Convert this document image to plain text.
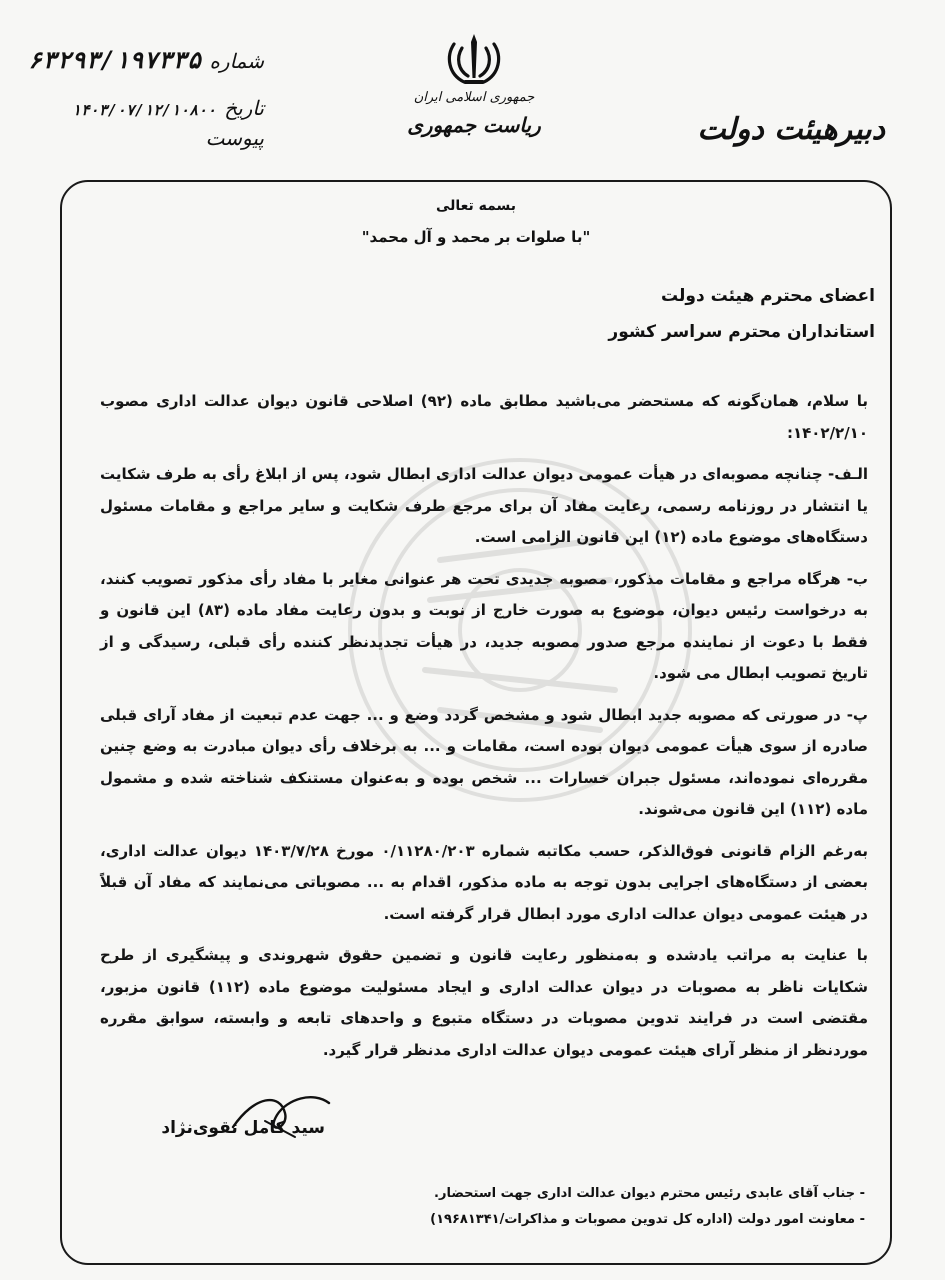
شماره
۶۳۲۹۳/۱۹۷۳۳۵
تاریخ
۱۴۰۳/۰۷/۱۲/۱۰۸۰۰
پیوست
جمهوری اسلامی ایران
ریاست جمهوری	دبیرهیئت دولت
بسمه تعالی
"با صلوات بر محمد و آل محمد"
اعضای محترم هیئت دولت
استانداران محترم سراسر کشور

با سلام، همان‌گونه که مستحضر می‌باشید مطابق ماده (۹۲) اصلاحی قانون دیوان عدالت اداری مصوب ۱۴۰۲/۲/۱۰:

الـف- چنانچه مصوبه‌ای در هیأت عمومی دیوان عدالت اداری ابطال شود، پس از ابلاغ رأی به طرف شکایت یا انتشار در روزنامه رسمی، رعایت مفاد آن برای مرجع طرف شکایت و سایر مراجع و مقامات مسئول دستگاه‌های موضوع ماده (۱۲) این قانون الزامی است.

ب- هرگاه مراجع و مقامات مذکور، مصوبه جدیدی تحت هر عنوانی مغایر با مفاد رأی مذکور تصویب کنند، به درخواست رئیس دیوان، موضوع به صورت خارج از نوبت و بدون رعایت مفاد ماده (۸۳) این قانون و فقط با دعوت از نماینده مرجع صدور مصوبه جدید، در هیأت تجدیدنظر کننده رأی قبلی، رسیدگی و از تاریخ تصویب ابطال می شود.

پ- در صورتی که مصوبه جدید ابطال شود و مشخص گردد وضع و ... جهت عدم تبعیت از مفاد آرای قبلی صادره از سوی هیأت عمومی دیوان بوده است، مقامات و ... به برخلاف رأی دیوان مبادرت به وضع چنین مقرره‌ای نموده‌اند، مسئول جبران خسارات ... شخص بوده و به‌عنوان مستنکف شناخته شده و مشمول ماده (۱۱۲) این قانون می‌شوند.

به‌رغم الزام قانونی فوق‌الذکر، حسب مکاتبه شماره ۰/۱۱۲۸۰/۲۰۳ مورخ ۱۴۰۳/۷/۲۸ دیوان عدالت اداری، بعضی از دستگاه‌های اجرایی بدون توجه به ماده مذکور، اقدام به ... مصوباتی می‌نمایند که مفاد آن قبلاً در هیئت عمومی دیوان عدالت اداری مورد ابطال قرار گرفته است.

با عنایت به مراتب یادشده و به‌منظور رعایت قانون و تضمین حقوق شهروندی و پیشگیری از طرح شکایات ناظر به مصوبات در دیوان عدالت اداری و ایجاد مسئولیت موضوع ماده (۱۱۲) قانون مزبور، مقتضی است در فرایند تدوین مصوبات در دستگاه متبوع و واحدهای تابعه و وابسته، سوابق مقرره موردنظر از منظر آرای هیئت عمومی دیوان عدالت اداری مدنظر قرار گیرد.

سید کامل تقوی‌نژاد
- جناب آقای عابدی رئیس محترم دیوان عدالت اداری جهت استحضار.
- معاونت امور دولت (اداره کل تدوین مصوبات و مذاکرات/۱۹۶۸۱۳۴۱)
